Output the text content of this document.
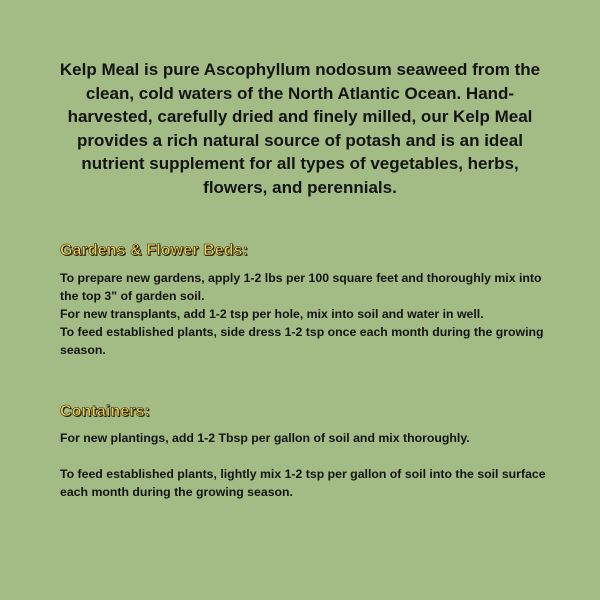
Kelp Meal is pure Ascophyllum nodosum seaweed from the clean, cold waters of the North Atlantic Ocean. Hand-harvested, carefully dried and finely milled, our Kelp Meal provides a rich natural source of potash and is an ideal nutrient supplement for all types of vegetables, herbs, flowers, and perennials.
Gardens & Flower Beds:

To prepare new gardens, apply 1-2 lbs per 100 square feet and thoroughly mix into the top 3" of garden soil.

For new transplants, add 1-2 tsp per hole, mix into soil and water in well.

To feed established plants, side dress 1-2 tsp once each month during the growing season.

Containers:

For new plantings, add 1-2 Tbsp per gallon of soil and mix thoroughly.

To feed established plants, lightly mix 1-2 tsp per gallon of soil into the soil surface each month during the growing season.
